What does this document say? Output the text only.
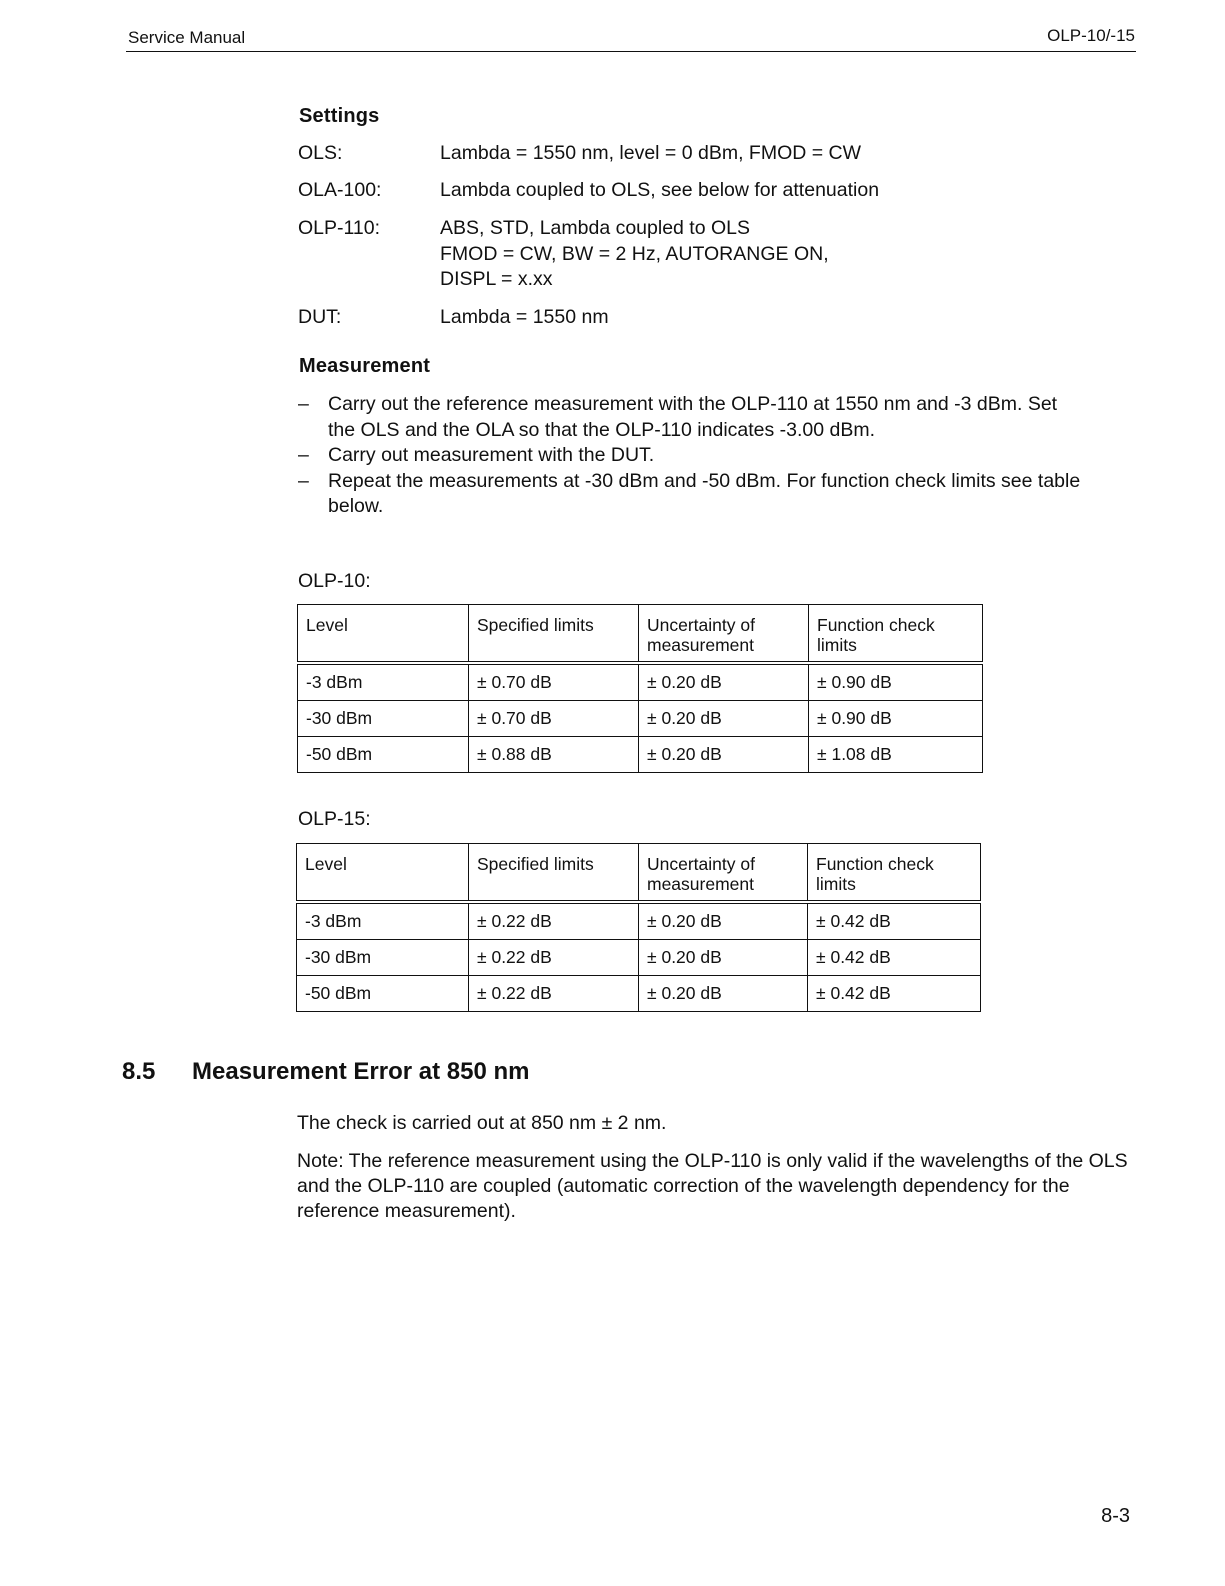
Service Manual	OLP-10/-15
Settings
OLS:	Lambda = 1550 nm, level = 0 dBm, FMOD = CW
OLA-100:	Lambda coupled to OLS, see below for attenuation
OLP-110:	ABS, STD, Lambda coupled to OLS
FMOD = CW, BW = 2 Hz, AUTORANGE ON,
DISPL = x.xx
DUT:	Lambda = 1550 nm
Measurement
– Carry out the reference measurement with the OLP-110 at 1550 nm and -3 dBm. Set the OLS and the OLA so that the OLP-110 indicates -3.00 dBm.
– Carry out measurement with the DUT.
– Repeat the measurements at -30 dBm and -50 dBm. For function check limits see table below.
OLP-10:
Level	Specified limits	Uncertainty of measurement	Function check limits
-3 dBm	± 0.70 dB	± 0.20 dB	± 0.90 dB
-30 dBm	± 0.70 dB	± 0.20 dB	± 0.90 dB
-50 dBm	± 0.88 dB	± 0.20 dB	± 1.08 dB
OLP-15:
Level	Specified limits	Uncertainty of measurement	Function check limits
-3 dBm	± 0.22 dB	± 0.20 dB	± 0.42 dB
-30 dBm	± 0.22 dB	± 0.20 dB	± 0.42 dB
-50 dBm	± 0.22 dB	± 0.20 dB	± 0.42 dB
8.5 Measurement Error at 850 nm
The check is carried out at 850 nm ± 2 nm.
Note: The reference measurement using the OLP-110 is only valid if the wavelengths of the OLS and the OLP-110 are coupled (automatic correction of the wavelength dependency for the reference measurement).
8-3
